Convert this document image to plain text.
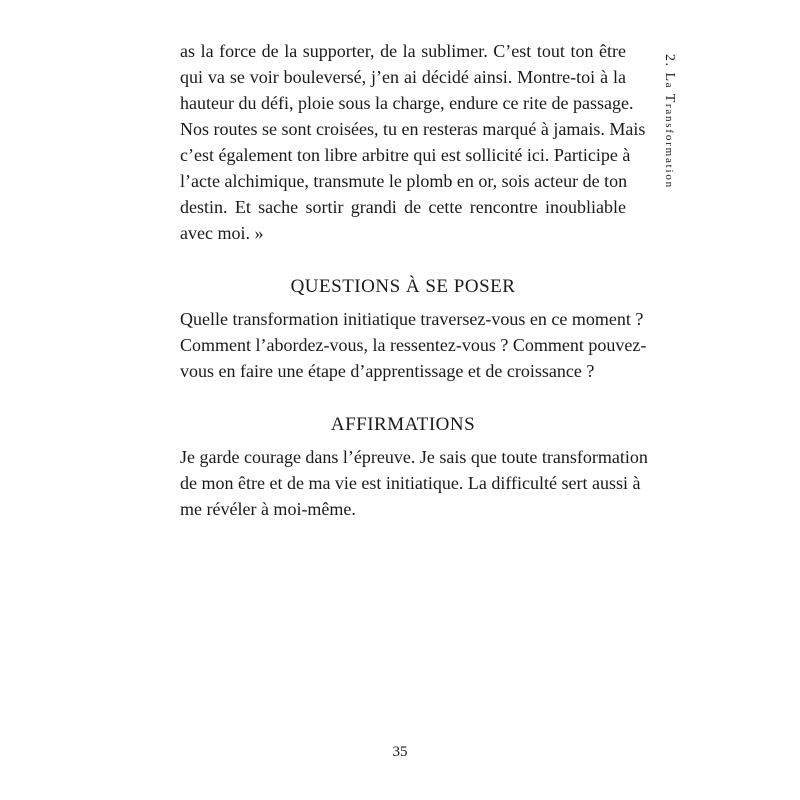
as la force de la supporter, de la sublimer. C’est tout ton être
qui va se voir bouleversé, j’en ai décidé ainsi. Montre-toi à la
hauteur du défi, ploie sous la charge, endure ce rite de passage.
Nos routes se sont croisées, tu en resteras marqué à jamais. Mais
c’est également ton libre arbitre qui est sollicité ici. Participe à
l’acte alchimique, transmute le plomb en or, sois acteur de ton
destin. Et sache sortir grandi de cette rencontre inoubliable
avec moi. »

QUESTIONS À SE POSER

Quelle transformation initiatique traversez-vous en ce moment ?
Comment l’abordez-vous, la ressentez-vous ? Comment pouvez-
vous en faire une étape d’apprentissage et de croissance ?

AFFIRMATIONS

Je garde courage dans l’épreuve. Je sais que toute transformation
de mon être et de ma vie est initiatique. La difficulté sert aussi à
me révéler à moi-même.

2. La Transformation
35
